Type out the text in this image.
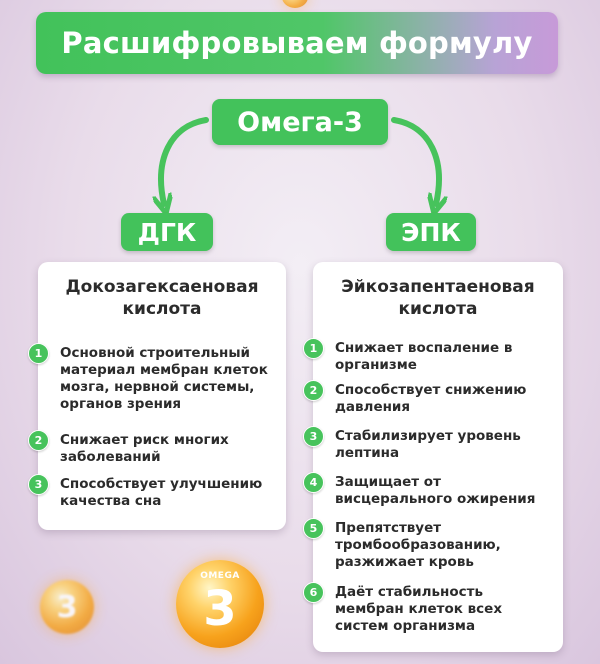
Расшифровываем формулу
Омега-3
ДГК	ЭПК
Докозагексаеновая кислота
1	Основной строительный материал мембран клеток мозга, нервной системы, органов зрения
2	Снижает риск многих заболеваний
3	Способствует улучшению качества сна
Эйкозапентаеновая кислота
1	Снижает воспаление в организме
2	Способствует снижению давления
3	Стабилизирует уровень лептина
4	Защищает от висцерального ожирения
5	Препятствует тромбообразованию, разжижает кровь
6	Даёт стабильность мембран клеток всех систем организма
3
OMEGA
3
